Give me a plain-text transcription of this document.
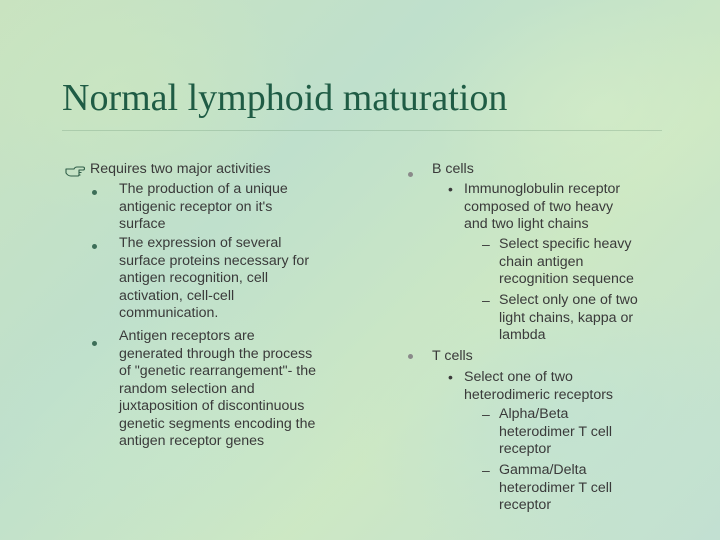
Normal lymphoid maturation
Requires two major activities
The production of a unique
antigenic receptor on it's
surface
The expression of several
surface proteins necessary for
antigen recognition, cell
activation, cell-cell
communication.
Antigen receptors are
generated through the process
of "genetic rearrangement"- the
random selection and
juxtaposition of discontinuous
genetic segments encoding the
antigen receptor genes
B cells
• Immunoglobulin receptor
composed of two heavy
and two light chains
– Select specific heavy
chain antigen
recognition sequence
– Select only one of two
light chains, kappa or
lambda
T cells
• Select one of two
heterodimeric receptors
– Alpha/Beta
heterodimer T cell
receptor
– Gamma/Delta
heterodimer T cell
receptor
